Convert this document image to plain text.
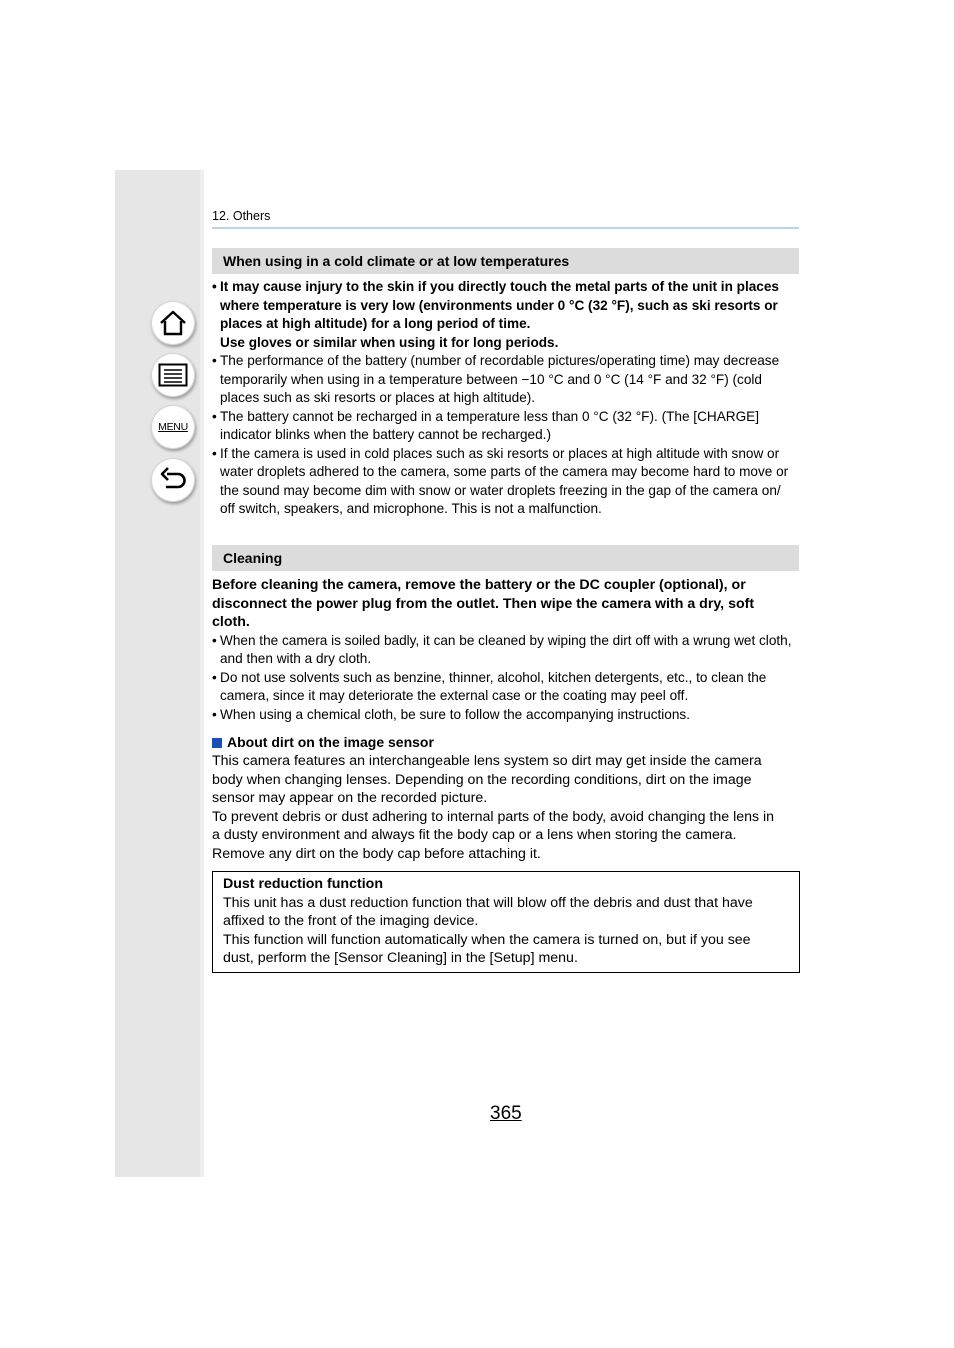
MENU
12. Others
When using in a cold climate or at low temperatures

• It may cause injury to the skin if you directly touch the metal parts of the unit in places

where temperature is very low (environments under 0 °C (32 °F), such as ski resorts or

places at high altitude) for a long period of time.

Use gloves or similar when using it for long periods.

• The performance of the battery (number of recordable pictures/operating time) may decrease

temporarily when using in a temperature between −10 °C and 0 °C (14 °F and 32 °F) (cold

places such as ski resorts or places at high altitude).

• The battery cannot be recharged in a temperature less than 0 °C (32 °F). (The [CHARGE]

indicator blinks when the battery cannot be recharged.)

• If the camera is used in cold places such as ski resorts or places at high altitude with snow or

water droplets adhered to the camera, some parts of the camera may become hard to move or

the sound may become dim with snow or water droplets freezing in the gap of the camera on/

off switch, speakers, and microphone. This is not a malfunction.

Cleaning

Before cleaning the camera, remove the battery or the DC coupler (optional), or

disconnect the power plug from the outlet. Then wipe the camera with a dry, soft

cloth.

• When the camera is soiled badly, it can be cleaned by wiping the dirt off with a wrung wet cloth,

and then with a dry cloth.

• Do not use solvents such as benzine, thinner, alcohol, kitchen detergents, etc., to clean the

camera, since it may deteriorate the external case or the coating may peel off.

• When using a chemical cloth, be sure to follow the accompanying instructions.

About dirt on the image sensor

This camera features an interchangeable lens system so dirt may get inside the camera

body when changing lenses. Depending on the recording conditions, dirt on the image

sensor may appear on the recorded picture.

To prevent debris or dust adhering to internal parts of the body, avoid changing the lens in

a dusty environment and always fit the body cap or a lens when storing the camera.

Remove any dirt on the body cap before attaching it.

Dust reduction function

This unit has a dust reduction function that will blow off the debris and dust that have

affixed to the front of the imaging device.

This function will function automatically when the camera is turned on, but if you see

dust, perform the [Sensor Cleaning] in the [Setup] menu.

365
